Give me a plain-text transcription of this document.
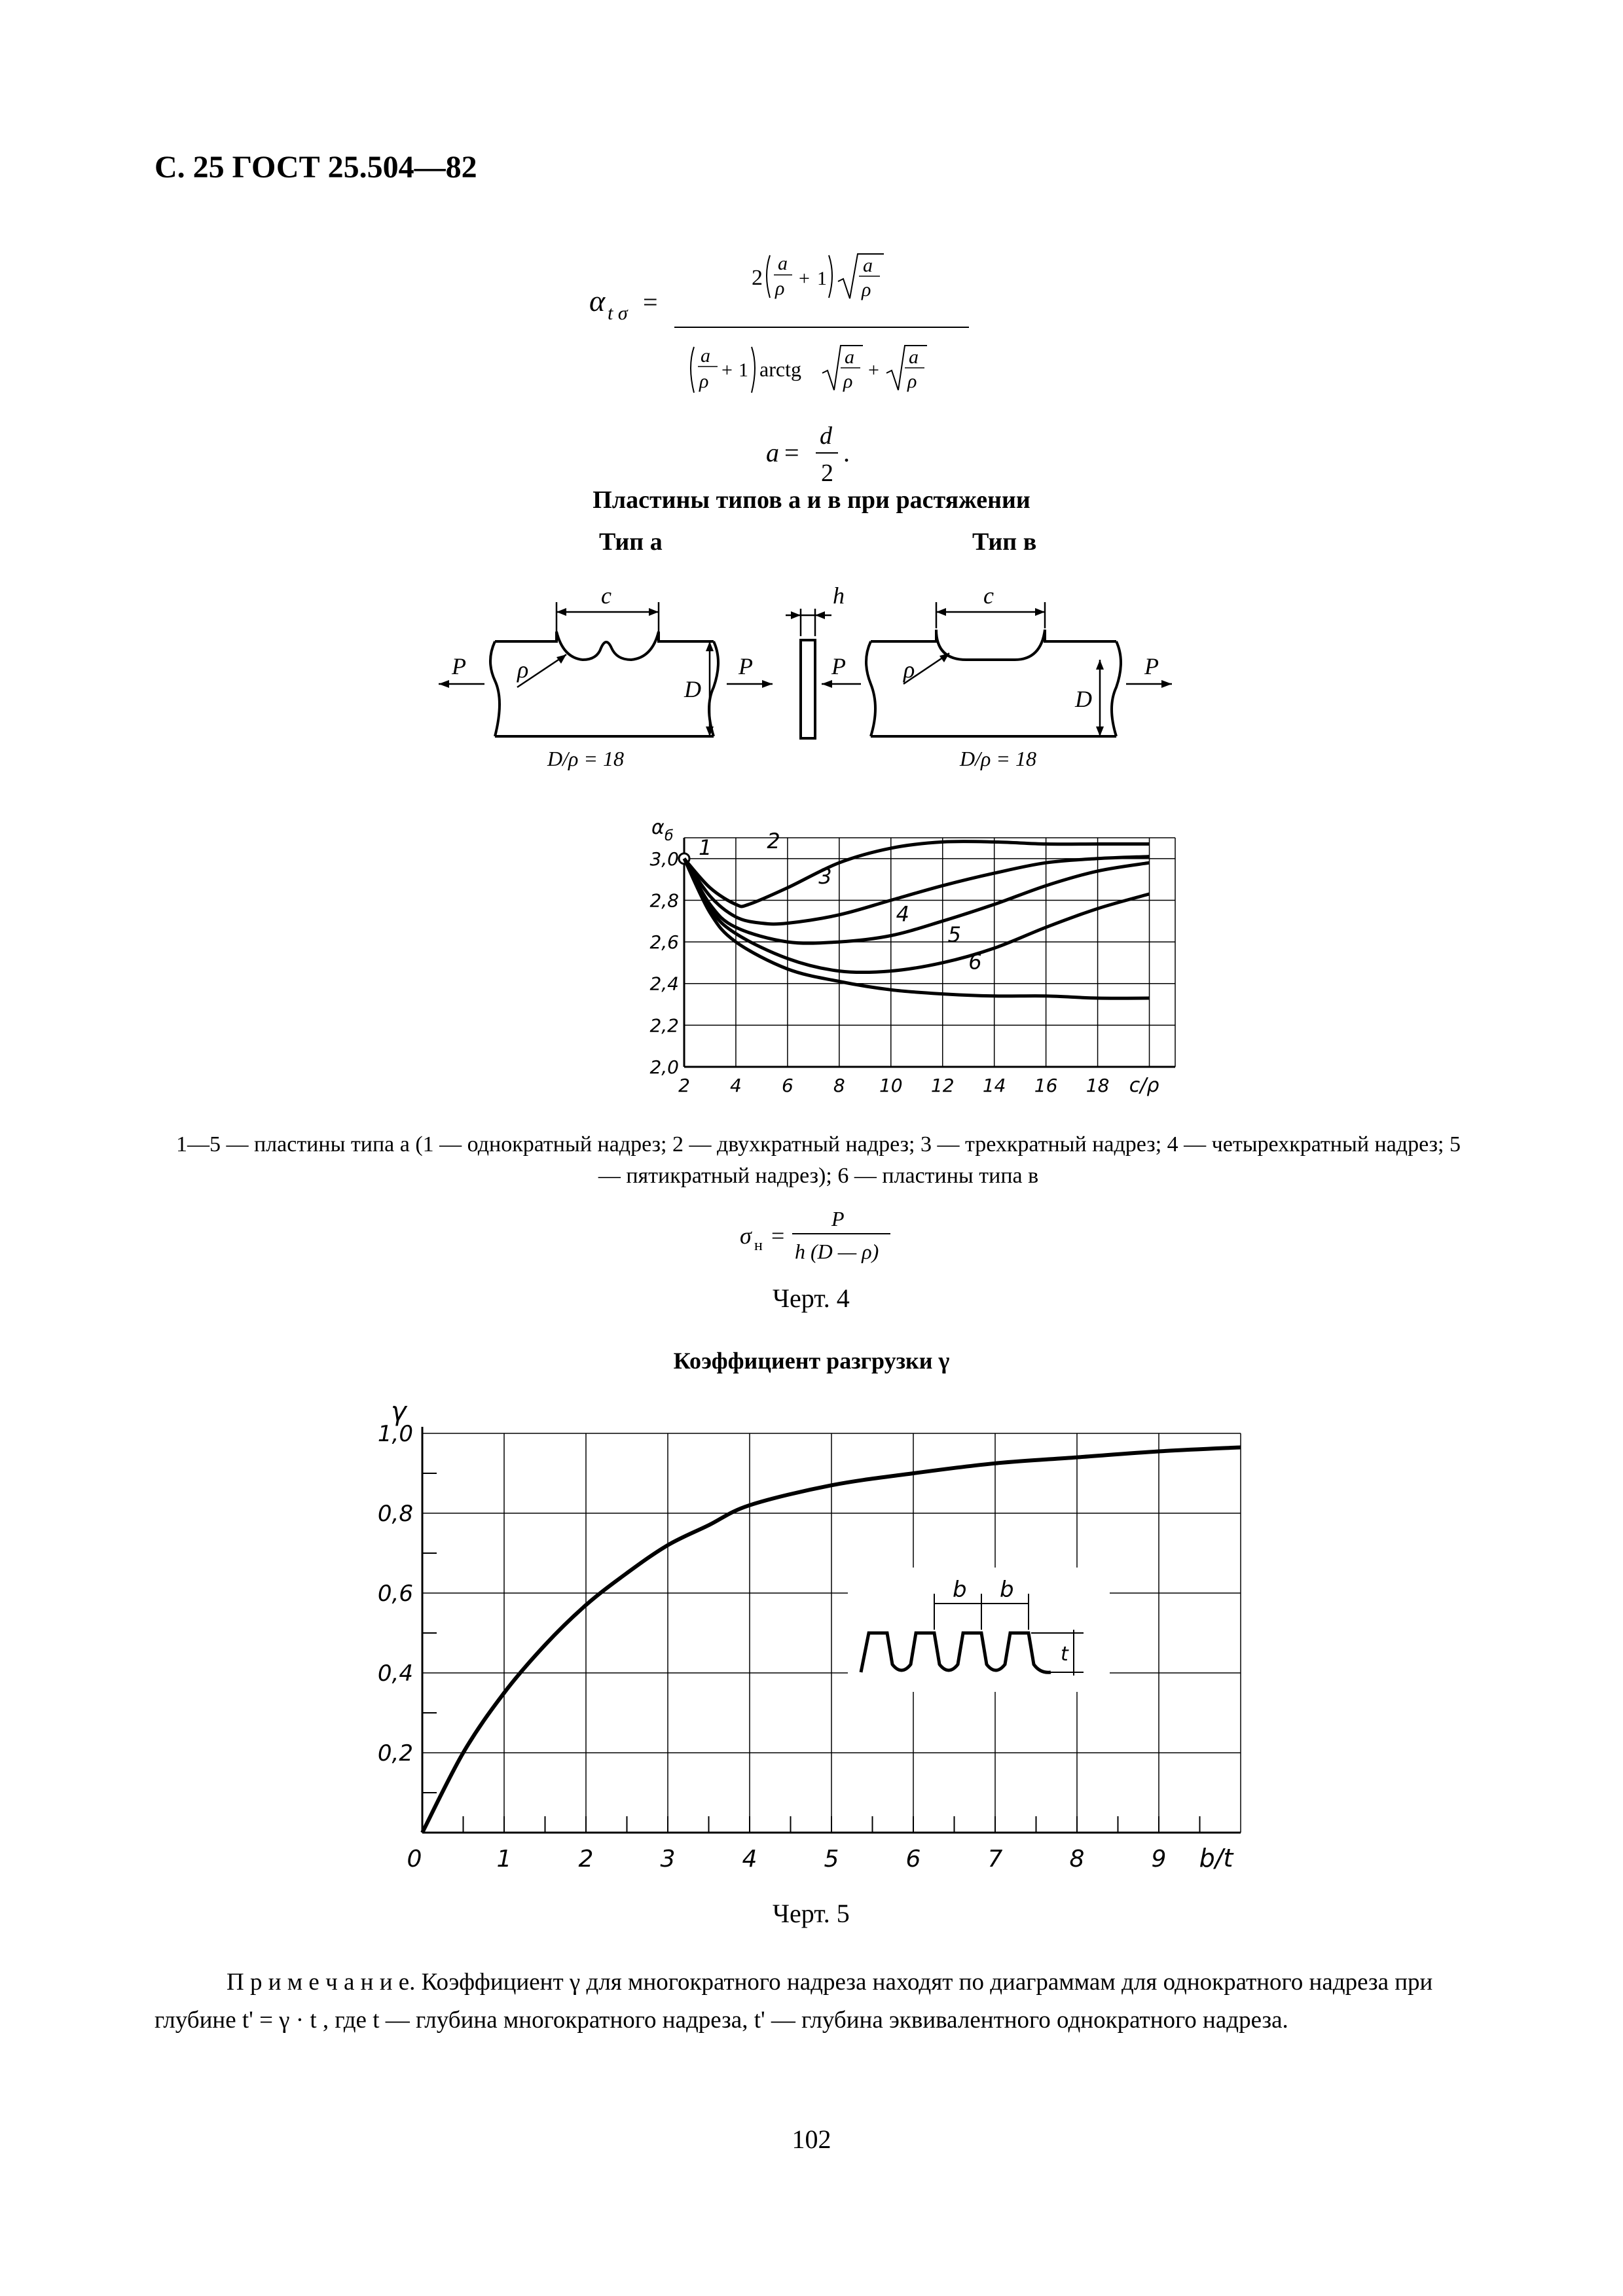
С. 25 ГОСТ 25.504—82
α t σ =
2
a
ρ + 1
a
ρ
a
ρ
+ 1 arctg
a
ρ
+
a
ρ
a =
d
2
.
Пластины типов a и в при растяжении
Тип a	Тип в
c	h	c
P	P	P	P
ρ	ρ
D	D
D/ρ = 18	D/ρ = 18
2,0
2,2
2,4
2,6
2,8
3,0
2 4 6 8 10 12 14 16 18 c/ρ
α б 1	2
3
4
5
6
1—5 — пластины типа а (1 — однократный надрез; 2 — двухкратный надрез; 3 — трехкратный надрез; 4 — четырехкратный надрез; 5 — пятикратный надрез); 6 — пластины типа в
σ н =
P
h (D — ρ)
Черт. 4
Коэффициент разгрузки γ
0,2
0,4
0,6
0,8
1,0
0	1	2	3	4	5	6	7	8	9 b/t
γ
b b
t
Черт. 5
П р и м е ч а н и е. Коэффициент γ для многократного надреза находят по диаграммам для однократного надреза при глубине t' = γ · t , где t — глубина многократного надреза, t' — глубина эквивалентного однократного надреза.
102
